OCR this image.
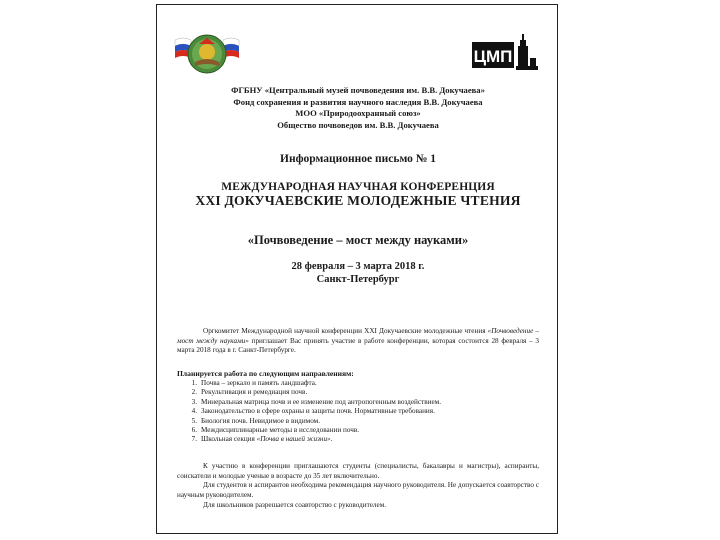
ЦМП
ФГБНУ «Центральный музей почвоведения им. В.В. Докучаева»
Фонд сохранения и развития научного наследия В.В. Докучаева
МОО «Природоохранный союз»
Общество почвоведов им. В.В. Докучаева
Информационное письмо № 1
МЕЖДУНАРОДНАЯ НАУЧНАЯ КОНФЕРЕНЦИЯ
XXI ДОКУЧАЕВСКИЕ МОЛОДЕЖНЫЕ ЧТЕНИЯ
«Почвоведение – мост между науками»
28 февраля – 3 марта 2018 г.
Санкт-Петербург
Оргкомитет Международной научной конференции XXI Докучаевские молодежные чтения «Почвоведение – мост между науками» приглашает Вас принять участие в работе конференции, которая состоится 28 февраля – 3 марта 2018 года в г. Санкт-Петербурге.
Планируется работа по следующим направлениям:
1. Почва – зеркало и память ландшафта.
2. Рекультивация и ремедиация почв.
3. Минеральная матрица почв и ее изменение под антропогенным воздействием.
4. Законодательство в сфере охраны и защиты почв. Нормативные требования.
5. Биология почв. Невидимое в видимом.
6. Междисциплинарные методы в исследовании почв.
7. Школьная секция «Почва в нашей жизни».
К участию в конференции приглашаются студенты (специалисты, бакалавры и магистры), аспиранты, соискатели и молодые ученые в возрасте до 35 лет включительно.
Для студентов и аспирантов необходима рекомендация научного руководителя. Не допускается соавторство с научным руководителем.
Для школьников разрешается соавторство с руководителем.
